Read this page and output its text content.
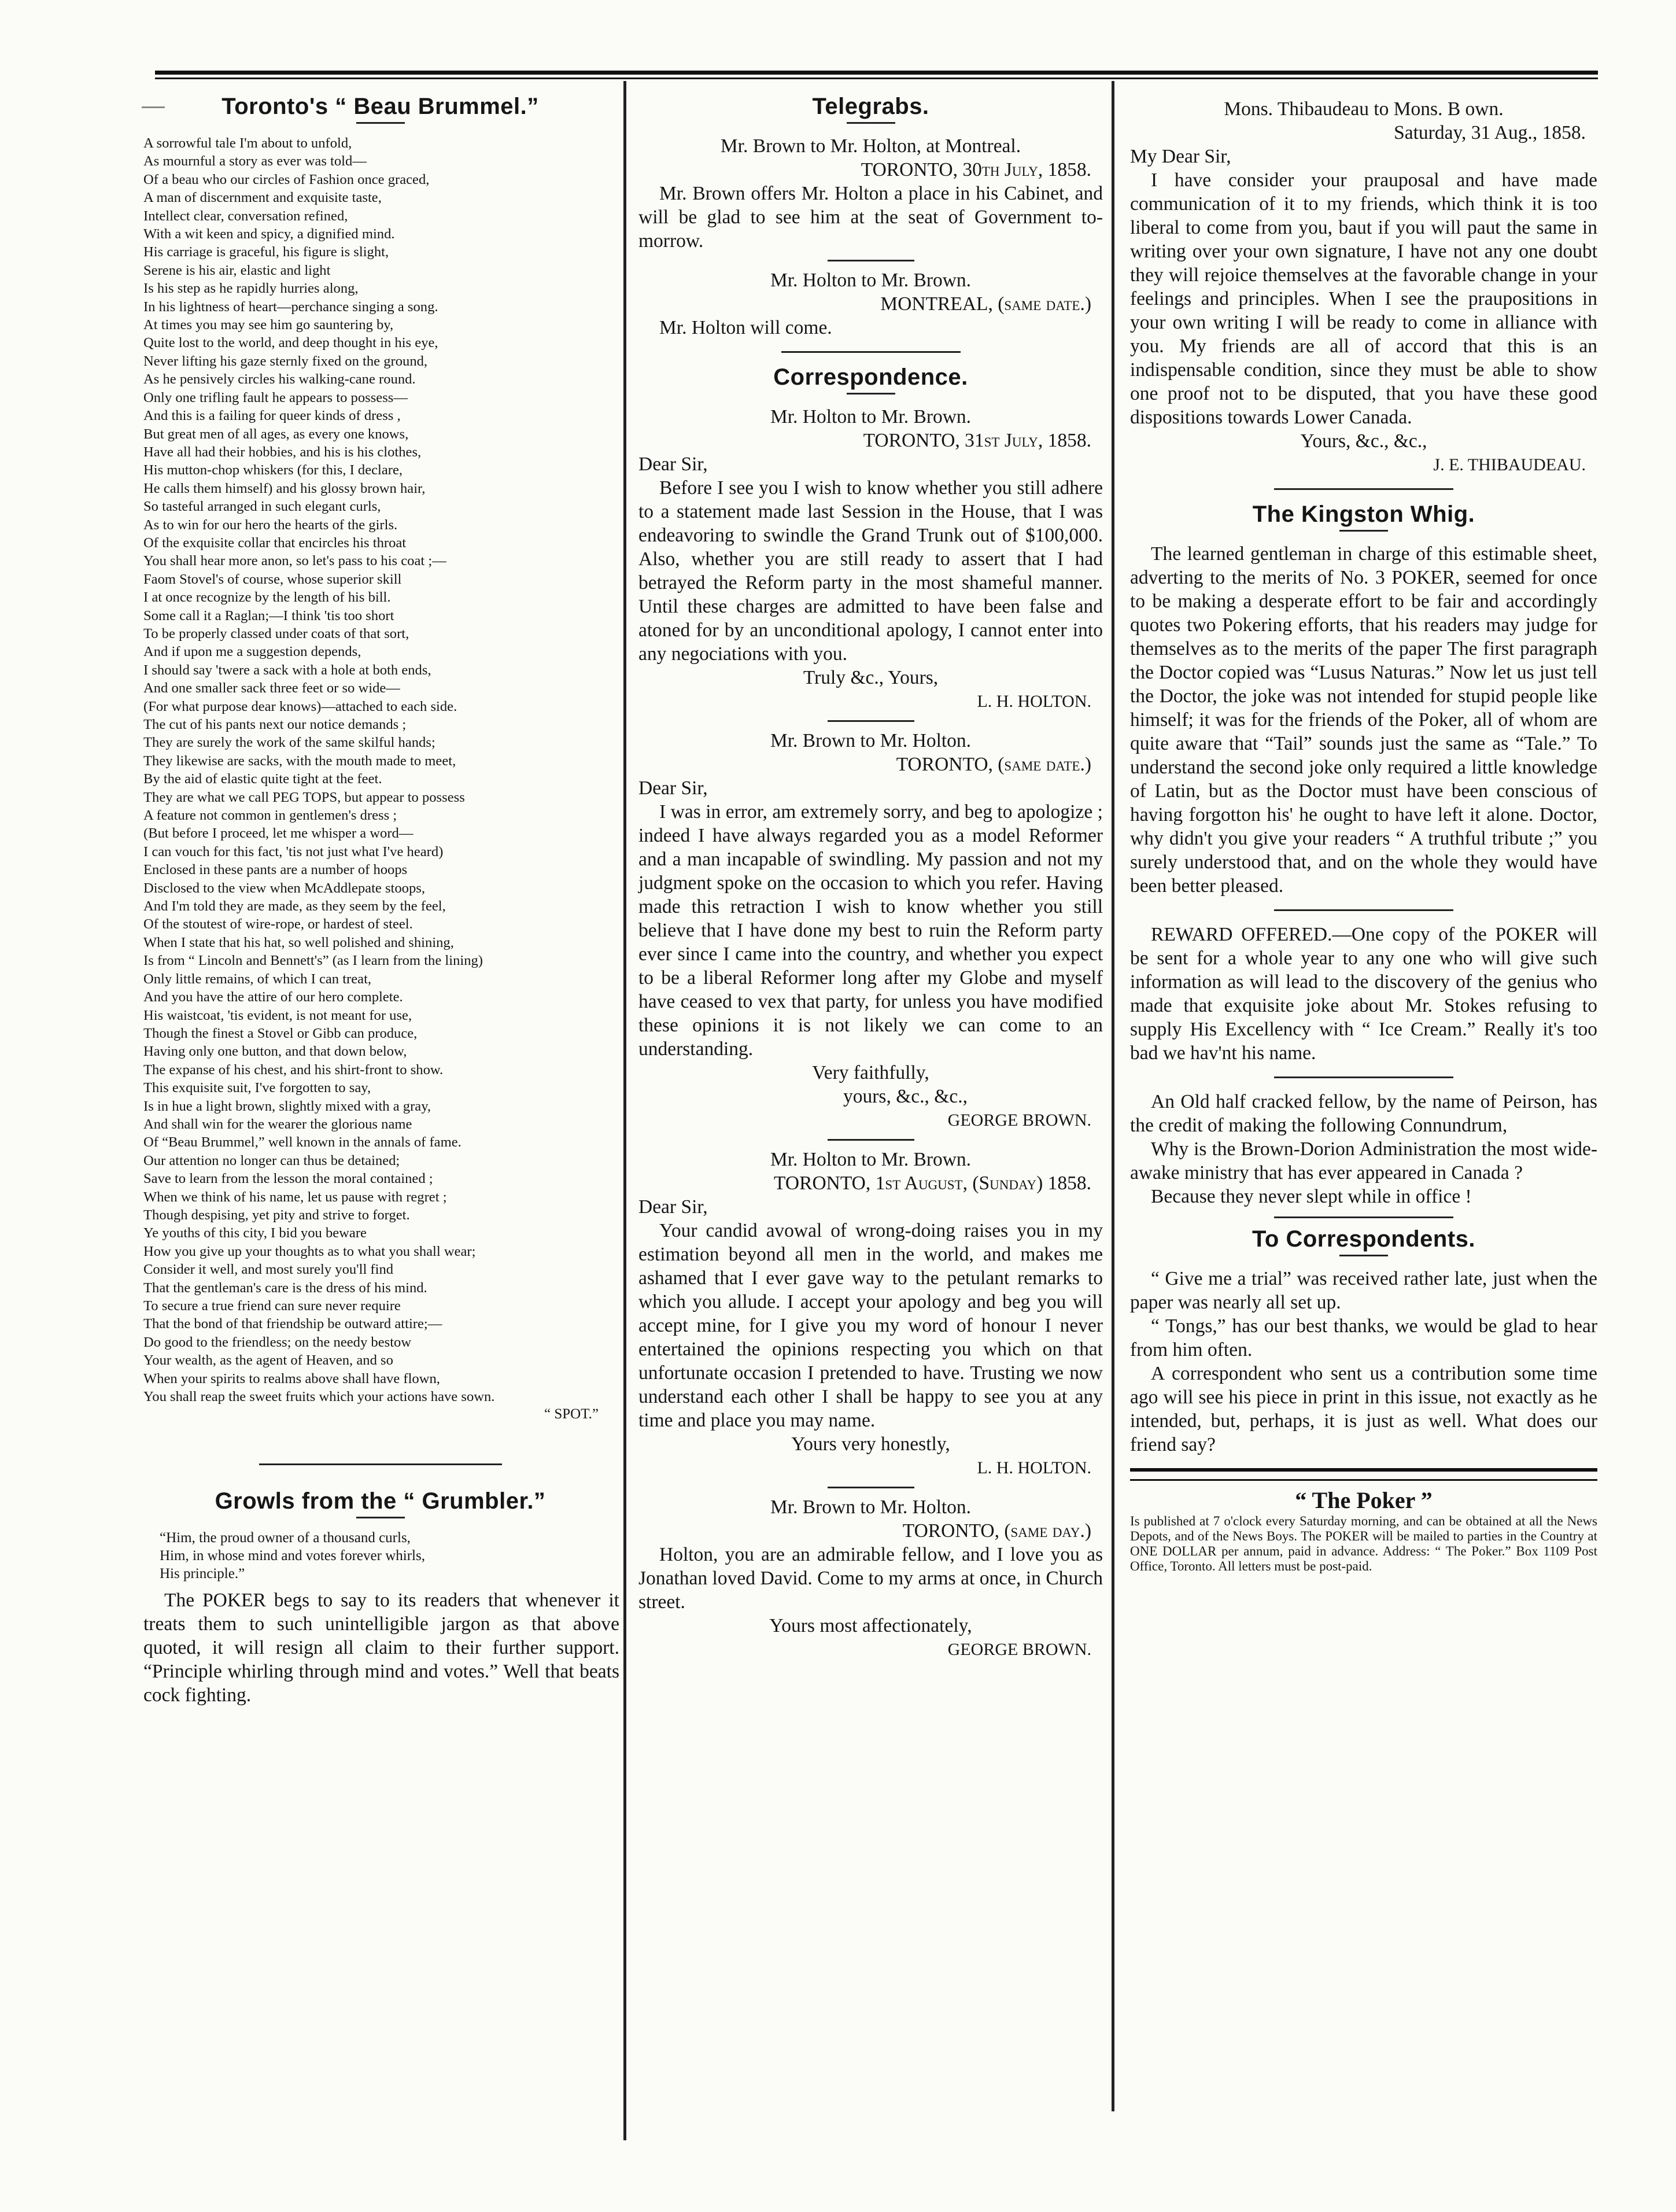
Toronto's “ Beau Brummel.”
A sorrowful tale I'm about to unfold,
As mournful a story as ever was told—
Of a beau who our circles of Fashion once graced,
A man of discernment and exquisite taste,
Intellect clear, conversation refined,
With a wit keen and spicy, a dignified mind.
His carriage is graceful, his figure is slight,
Serene is his air, elastic and light
Is his step as he rapidly hurries along,
In his lightness of heart—perchance singing a song.
At times you may see him go sauntering by,
Quite lost to the world, and deep thought in his eye,
Never lifting his gaze sternly fixed on the ground,
As he pensively circles his walking-cane round.
Only one trifling fault he appears to possess—
And this is a failing for queer kinds of dress ,
But great men of all ages, as every one knows,
Have all had their hobbies, and his is his clothes,
His mutton-chop whiskers (for this, I declare,
He calls them himself) and his glossy brown hair,
So tasteful arranged in such elegant curls,
As to win for our hero the hearts of the girls.
Of the exquisite collar that encircles his throat
You shall hear more anon, so let's pass to his coat ;—
Faom Stovel's of course, whose superior skill
I at once recognize by the length of his bill.
Some call it a Raglan;—I think 'tis too short
To be properly classed under coats of that sort,
And if upon me a suggestion depends,
I should say 'twere a sack with a hole at both ends,
And one smaller sack three feet or so wide—
(For what purpose dear knows)—attached to each side.
The cut of his pants next our notice demands ;
They are surely the work of the same skilful hands;
They likewise are sacks, with the mouth made to meet,
By the aid of elastic quite tight at the feet.
They are what we call PEG TOPS, but appear to possess
A feature not common in gentlemen's dress ;
(But before I proceed, let me whisper a word—
I can vouch for this fact, 'tis not just what I've heard)
Enclosed in these pants are a number of hoops
Disclosed to the view when McAddlepate stoops,
And I'm told they are made, as they seem by the feel,
Of the stoutest of wire-rope, or hardest of steel.
When I state that his hat, so well polished and shining,
Is from “ Lincoln and Bennett's” (as I learn from the lining)
Only little remains, of which I can treat,
And you have the attire of our hero complete.
His waistcoat, 'tis evident, is not meant for use,
Though the finest a Stovel or Gibb can produce,
Having only one button, and that down below,
The expanse of his chest, and his shirt-front to show.
This exquisite suit, I've forgotten to say,
Is in hue a light brown, slightly mixed with a gray,
And shall win for the wearer the glorious name
Of “Beau Brummel,” well known in the annals of fame.
Our attention no longer can thus be detained;
Save to learn from the lesson the moral contained ;
When we think of his name, let us pause with regret ;
Though despising, yet pity and strive to forget.
Ye youths of this city, I bid you beware
How you give up your thoughts as to what you shall wear;
Consider it well, and most surely you'll find
That the gentleman's care is the dress of his mind.
To secure a true friend can sure never require
That the bond of that friendship be outward attire;—
Do good to the friendless; on the needy bestow
Your wealth, as the agent of Heaven, and so
When your spirits to realms above shall have flown,
You shall reap the sweet fruits which your actions have sown.
“ SPOT.”
Growls from the “ Grumbler.”
“Him, the proud owner of a thousand curls,
Him, in whose mind and votes forever whirls,
His principle.”

The POKER begs to say to its readers that whenever it treats them to such unintelligible jargon as that above quoted, it will resign all claim to their further support. “Principle whirling through mind and votes.” Well that beats cock fighting.

Telegrabs.

Mr. Brown to Mr. Holton, at Montreal.

TORONTO, 30th July, 1858.

Mr. Brown offers Mr. Holton a place in his Cabinet, and will be glad to see him at the seat of Government to-morrow.

Mr. Holton to Mr. Brown.

MONTREAL, (same date.)

Mr. Holton will come.

Correspondence.

Mr. Holton to Mr. Brown.

TORONTO, 31st July, 1858.

Dear Sir,

Before I see you I wish to know whether you still adhere to a statement made last Session in the House, that I was endeavoring to swindle the Grand Trunk out of $100,000. Also, whether you are still ready to assert that I had betrayed the Reform party in the most shameful manner. Until these charges are admitted to have been false and atoned for by an unconditional apology, I cannot enter into any negociations with you.

Truly &c., Yours,

L. H. HOLTON.

Mr. Brown to Mr. Holton.

TORONTO, (same date.)

Dear Sir,

I was in error, am extremely sorry, and beg to apologize ; indeed I have always regarded you as a model Reformer and a man incapable of swindling. My passion and not my judgment spoke on the occasion to which you refer. Having made this retraction I wish to know whether you still believe that I have done my best to ruin the Reform party ever since I came into the country, and whether you expect to be a liberal Reformer long after my Globe and myself have ceased to vex that party, for unless you have modified these opinions it is not likely we can come to an understanding.

Very faithfully,

yours, &c., &c.,

GEORGE BROWN.

Mr. Holton to Mr. Brown.

TORONTO, 1st August, (Sunday) 1858.

Dear Sir,

Your candid avowal of wrong-doing raises you in my estimation beyond all men in the world, and makes me ashamed that I ever gave way to the petulant remarks to which you allude. I accept your apology and beg you will accept mine, for I give you my word of honour I never entertained the opinions respecting you which on that unfortunate occasion I pretended to have. Trusting we now understand each other I shall be happy to see you at any time and place you may name.

Yours very honestly,

L. H. HOLTON.

Mr. Brown to Mr. Holton.

TORONTO, (same day.)

Holton, you are an admirable fellow, and I love you as Jonathan loved David. Come to my arms at once, in Church street.

Yours most affectionately,

GEORGE BROWN.

Mons. Thibaudeau to Mons. B own.

Saturday, 31 Aug., 1858.

My Dear Sir,

I have consider your prauposal and have made communication of it to my friends, which think it is too liberal to come from you, baut if you will paut the same in writing over your own signature, I have not any one doubt they will rejoice themselves at the favorable change in your feelings and principles. When I see the praupositions in your own writing I will be ready to come in alliance with you. My friends are all of accord that this is an indispensable condition, since they must be able to show one proof not to be disputed, that you have these good dispositions towards Lower Canada.

Yours, &c., &c.,

J. E. THIBAUDEAU.

The Kingston Whig.

The learned gentleman in charge of this estimable sheet, adverting to the merits of No. 3 POKER, seemed for once to be making a desperate effort to be fair and accordingly quotes two Pokering efforts, that his readers may judge for themselves as to the merits of the paper The first paragraph the Doctor copied was “Lusus Naturas.” Now let us just tell the Doctor, the joke was not intended for stupid people like himself; it was for the friends of the Poker, all of whom are quite aware that “Tail” sounds just the same as “Tale.” To understand the second joke only required a little knowledge of Latin, but as the Doctor must have been conscious of having forgotton his' he ought to have left it alone. Doctor, why didn't you give your readers “ A truthful tribute ;” you surely understood that, and on the whole they would have been better pleased.

REWARD OFFERED.—One copy of the POKER will be sent for a whole year to any one who will give such information as will lead to the discovery of the genius who made that exquisite joke about Mr. Stokes refusing to supply His Excellency with “ Ice Cream.” Really it's too bad we hav'nt his name.

An Old half cracked fellow, by the name of Peirson, has the credit of making the following Connundrum,

Why is the Brown-Dorion Administration the most wide-awake ministry that has ever appeared in Canada ?

Because they never slept while in office !

To Correspondents.

“ Give me a trial” was received rather late, just when the paper was nearly all set up.

“ Tongs,” has our best thanks, we would be glad to hear from him often.

A correspondent who sent us a contribution some time ago will see his piece in print in this issue, not exactly as he intended, but, perhaps, it is just as well. What does our friend say?

“ The Poker ”

Is published at 7 o'clock every Saturday morning, and can be obtained at all the News Depots, and of the News Boys. The POKER will be mailed to parties in the Country at ONE DOLLAR per annum, paid in advance. Address: “ The Poker.” Box 1109 Post Office, Toronto. All letters must be post-paid.
